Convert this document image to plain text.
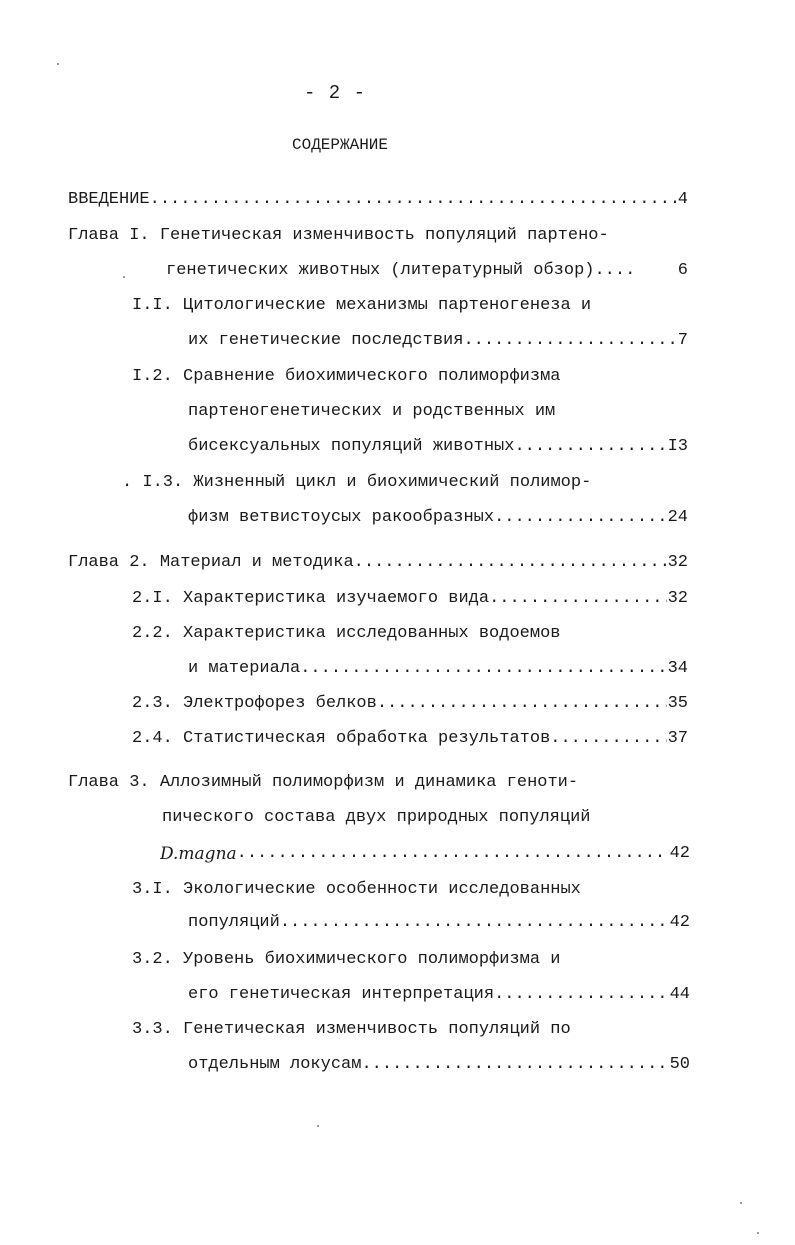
- 2 -
СОДЕРЖАНИЕ
ВВЕДЕНИЕ .....	4
Глава I. Генетическая изменчивость популяций партено-
генетических животных (литературный обзор)....	6
I.I. Цитологические механизмы партеногенеза и
их генетические последствия .....	7
I.2. Сравнение биохимического полиморфизма
партеногенетических и родственных им
бисексуальных популяций животных .....	I3
. I.3. Жизненный цикл и биохимический полимор-
физм ветвистоусых ракообразных .....	24
Глава 2. Материал и методика .....	32
2.I. Характеристика изучаемого вида .....	32
2.2. Характеристика исследованных водоемов
и материала .....	34
2.3. Электрофорез белков .....	35
2.4. Статистическая обработка результатов .....	37
Глава 3. Аллозимный полиморфизм и динамика геноти-
пического состава двух природных популяций
D.magna .....	42
3.I. Экологические особенности исследованных
популяций .....	42
3.2. Уровень биохимического полиморфизма и
его генетическая интерпретация .....	44
3.3. Генетическая изменчивость популяций по
отдельным локусам .....	50
